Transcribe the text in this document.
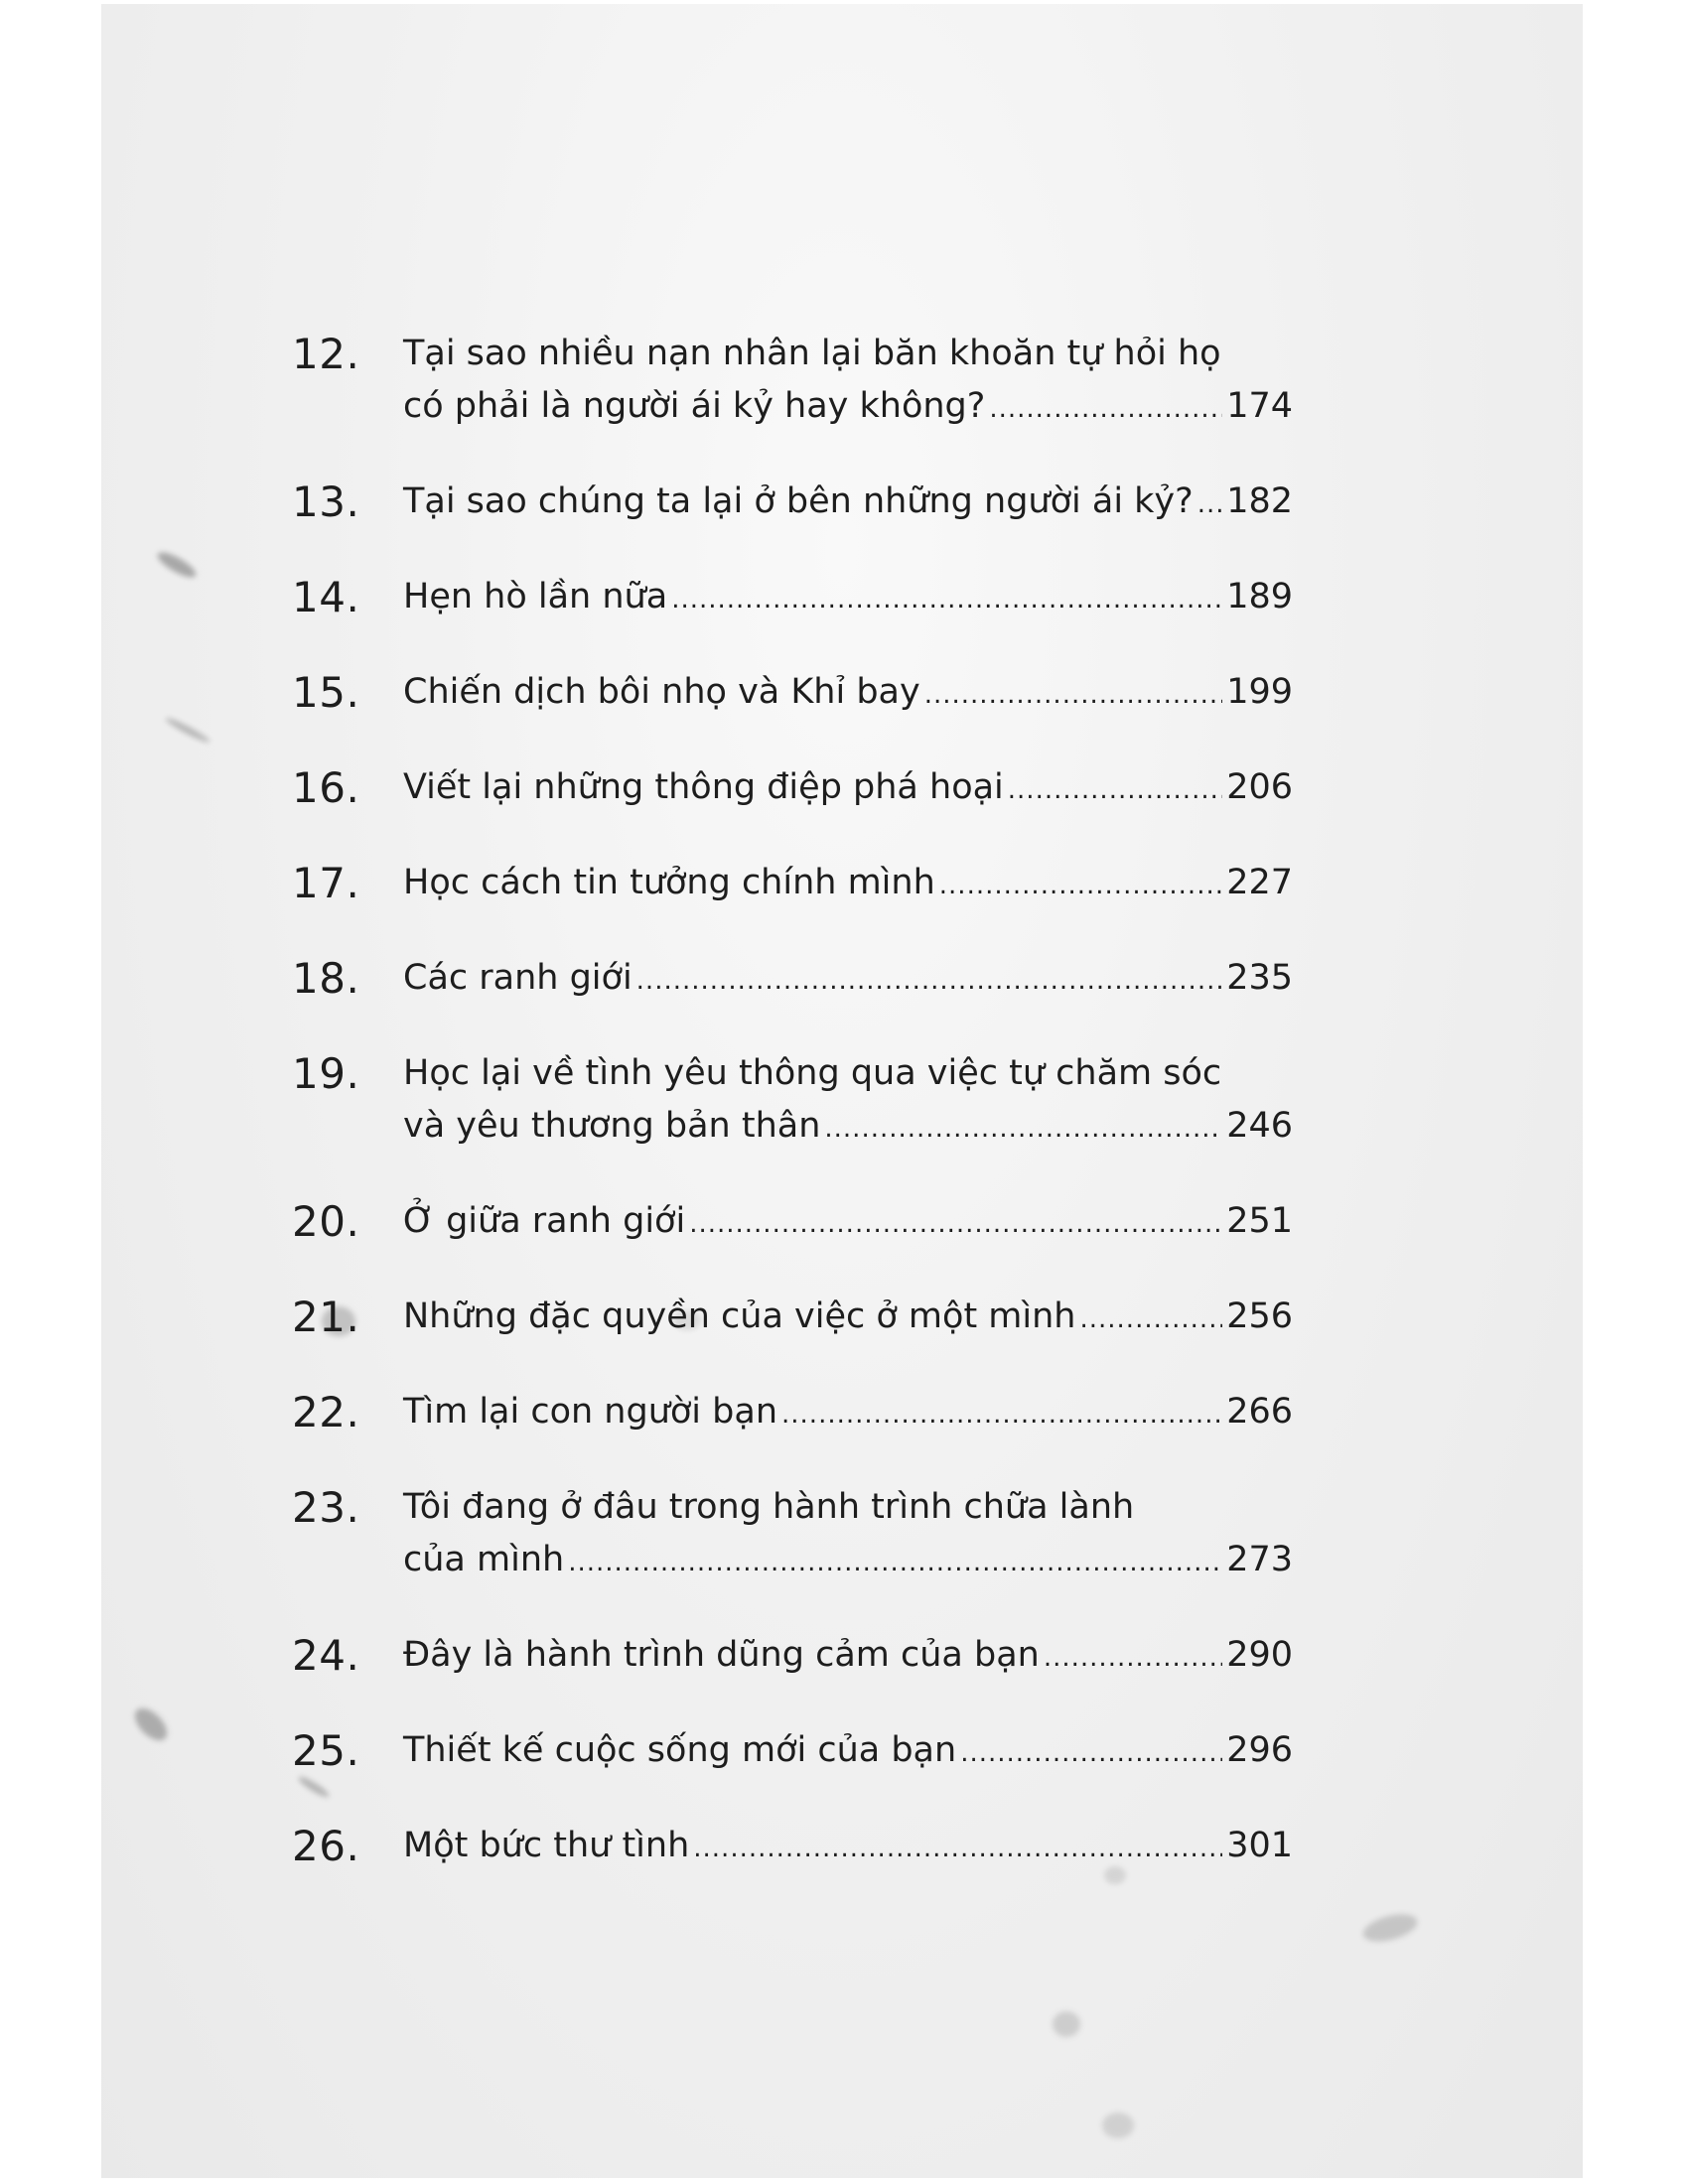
12. Tại sao nhiều nạn nhân lại băn khoăn tự hỏi họ
có phải là người ái kỷ hay không? .....	174
13. Tại sao chúng ta lại ở bên những người ái kỷ? ..... 182
14. Hẹn hò lần nữa .....	189
15. Chiến dịch bôi nhọ và Khỉ bay .....	199
16. Viết lại những thông điệp phá hoại .....	206
17. Học cách tin tưởng chính mình .....	227
18. Các ranh giới .....	235
19. Học lại về tình yêu thông qua việc tự chăm sóc
và yêu thương bản thân .....	246
20. Ở giữa ranh giới .....	251
21. Những đặc quyền của việc ở một mình .....	256
22. Tìm lại con người bạn .....	266
23. Tôi đang ở đâu trong hành trình chữa lành
của mình .....	273
24. Đây là hành trình dũng cảm của bạn .....	290
25. Thiết kế cuộc sống mới của bạn .....	296
26. Một bức thư tình .....	301
